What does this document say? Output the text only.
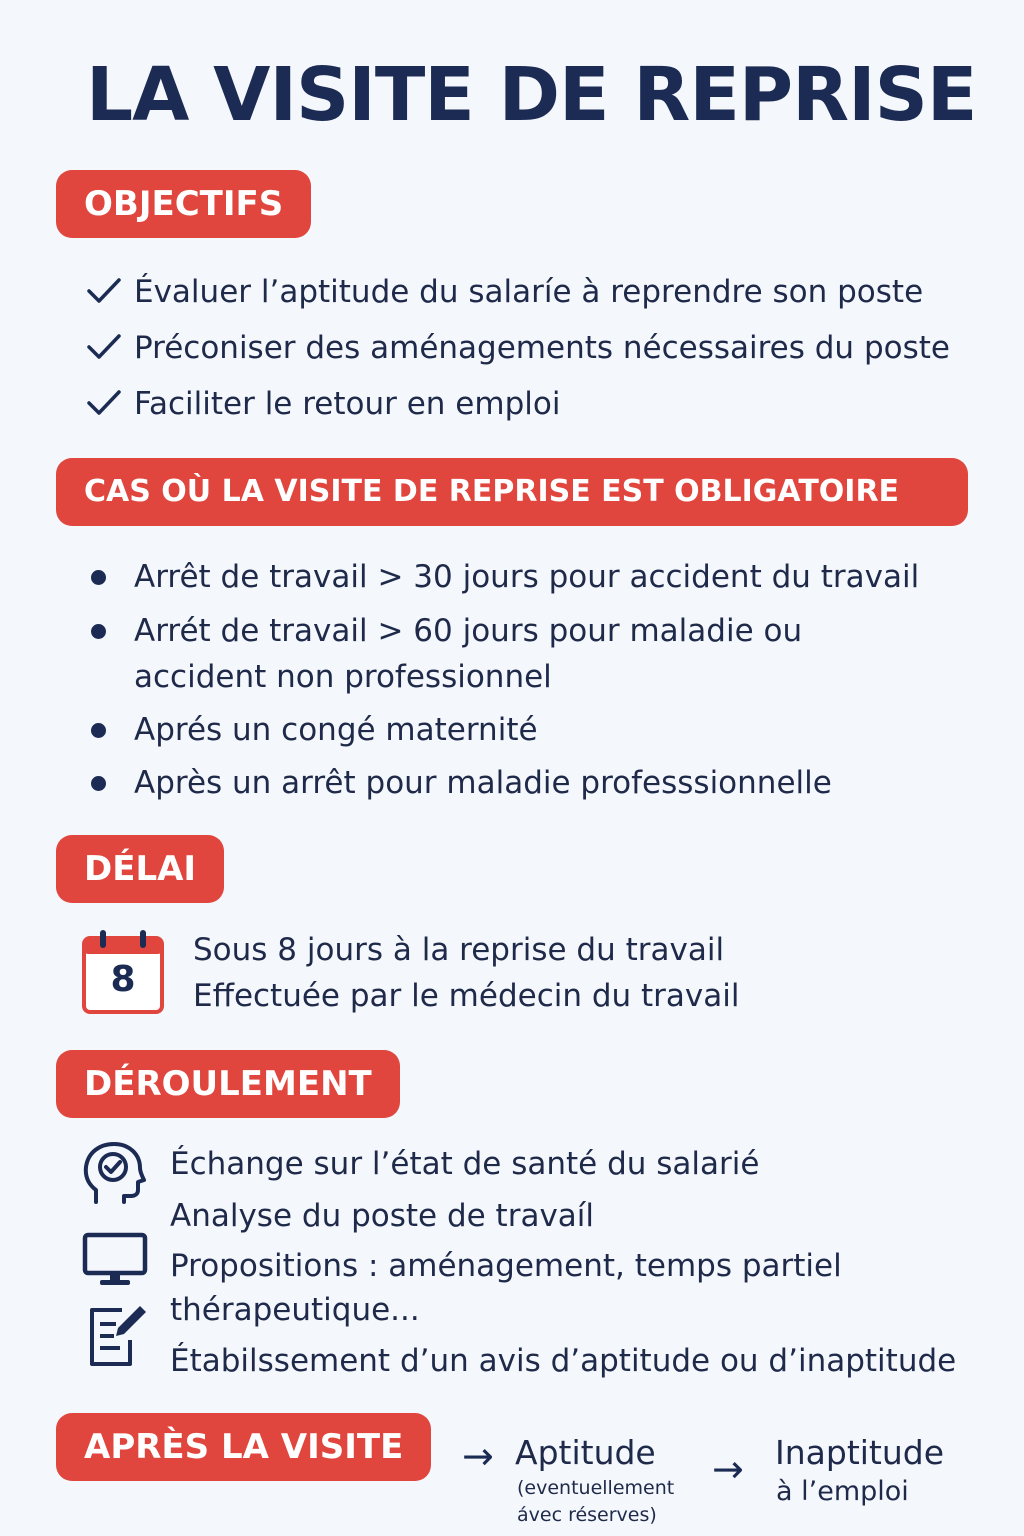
LA VISITE DE REPRISE
OBJECTIFS
Évaluer l’aptitude du salaríe à reprendre son poste
Préconiser des aménagements nécessaires du poste
Faciliter le retour en emploi
CAS OÙ LA VISITE DE REPRISE EST OBLIGATOIRE
Arrêt de travail > 30 jours pour accident du travail
Arrét de travail > 60 jours pour maladie ou
accident non professionnel
Aprés un congé maternité
Après un arrêt pour maladie professsionnelle
DÉLAI
8
Sous 8 jours à la reprise du travail
Effectuée par le médecin du travail
DÉROULEMENT
Échange sur l’état de santé du salarié
Analyse du poste de travaíl
Propositions : aménagement, temps partiel
thérapeutique...
Étabilssement d’un avis d’aptitude ou d’inaptitude
APRÈS LA VISITE	→ Aptitude
(eventuellement
ávec réserves)
→ Inaptitude
à l’emploi
